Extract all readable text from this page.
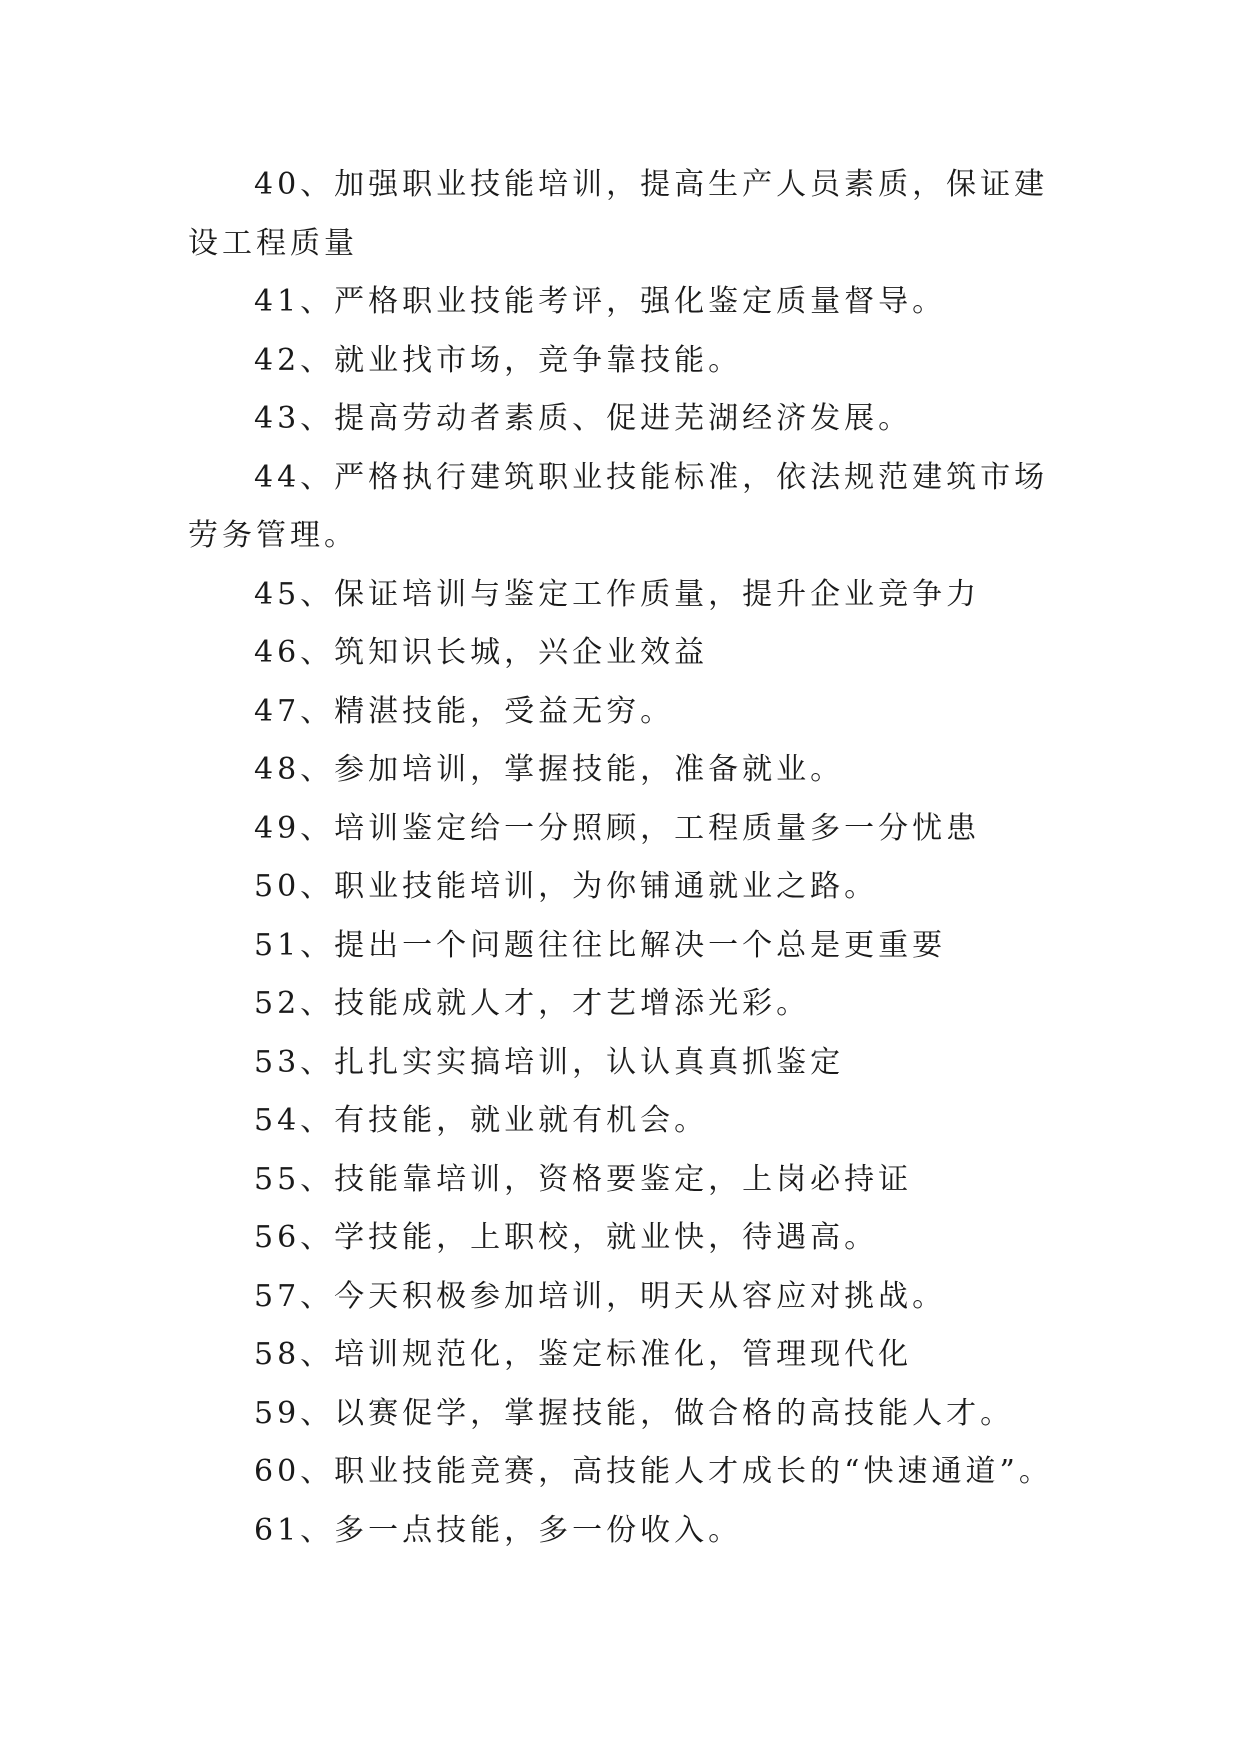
40、加强职业技能培训，提高生产人员素质，保证建设工程质量

41、严格职业技能考评，强化鉴定质量督导。

42、就业找市场，竞争靠技能。

43、提高劳动者素质、促进芜湖经济发展。

44、严格执行建筑职业技能标准，依法规范建筑市场劳务管理。

45、保证培训与鉴定工作质量，提升企业竞争力

46、筑知识长城，兴企业效益

47、精湛技能，受益无穷。

48、参加培训，掌握技能，准备就业。

49、培训鉴定给一分照顾，工程质量多一分忧患

50、职业技能培训，为你铺通就业之路。

51、提出一个问题往往比解决一个总是更重要

52、技能成就人才，才艺增添光彩。

53、扎扎实实搞培训，认认真真抓鉴定

54、有技能，就业就有机会。

55、技能靠培训，资格要鉴定，上岗必持证

56、学技能，上职校，就业快，待遇高。

57、今天积极参加培训，明天从容应对挑战。

58、培训规范化，鉴定标准化，管理现代化

59、以赛促学，掌握技能，做合格的高技能人才。

60、职业技能竞赛，高技能人才成长的“快速通道”。

61、多一点技能，多一份收入。
